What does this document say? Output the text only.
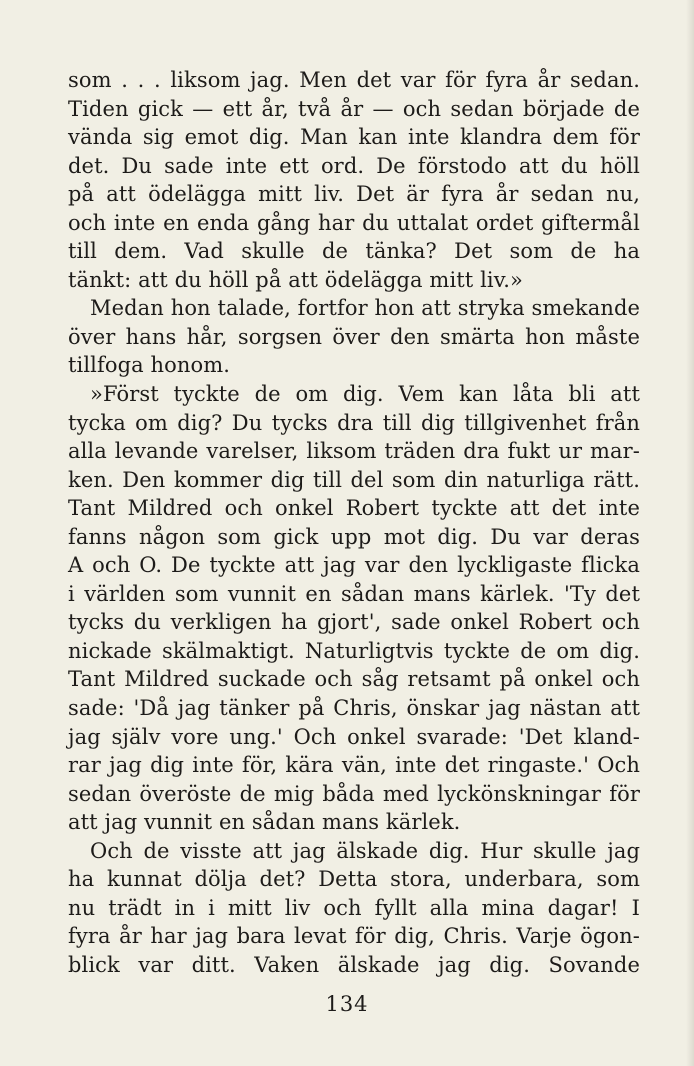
som . . . liksom jag. Men det var för fyra år sedan.
Tiden gick — ett år, två år — och sedan började de
vända sig emot dig. Man kan inte klandra dem för
det. Du sade inte ett ord. De förstodo att du höll
på att ödelägga mitt liv. Det är fyra år sedan nu,
och inte en enda gång har du uttalat ordet giftermål
till dem. Vad skulle de tänka? Det som de ha
tänkt: att du höll på att ödelägga mitt liv.»
Medan hon talade, fortfor hon att stryka smekande
över hans hår, sorgsen över den smärta hon måste
tillfoga honom.
»Först tyckte de om dig. Vem kan låta bli att
tycka om dig? Du tycks dra till dig tillgivenhet från
alla levande varelser, liksom träden dra fukt ur mar-
ken. Den kommer dig till del som din naturliga rätt.
Tant Mildred och onkel Robert tyckte att det inte
fanns någon som gick upp mot dig. Du var deras
A och O. De tyckte att jag var den lyckligaste flicka
i världen som vunnit en sådan mans kärlek. 'Ty det
tycks du verkligen ha gjort', sade onkel Robert och
nickade skälmaktigt. Naturligtvis tyckte de om dig.
Tant Mildred suckade och såg retsamt på onkel och
sade: 'Då jag tänker på Chris, önskar jag nästan att
jag själv vore ung.' Och onkel svarade: 'Det kland-
rar jag dig inte för, kära vän, inte det ringaste.' Och
sedan överöste de mig båda med lyckönskningar för
att jag vunnit en sådan mans kärlek.
Och de visste att jag älskade dig. Hur skulle jag
ha kunnat dölja det? Detta stora, underbara, som
nu trädt in i mitt liv och fyllt alla mina dagar! I
fyra år har jag bara levat för dig, Chris. Varje ögon-
blick var ditt. Vaken älskade jag dig. Sovande
134
